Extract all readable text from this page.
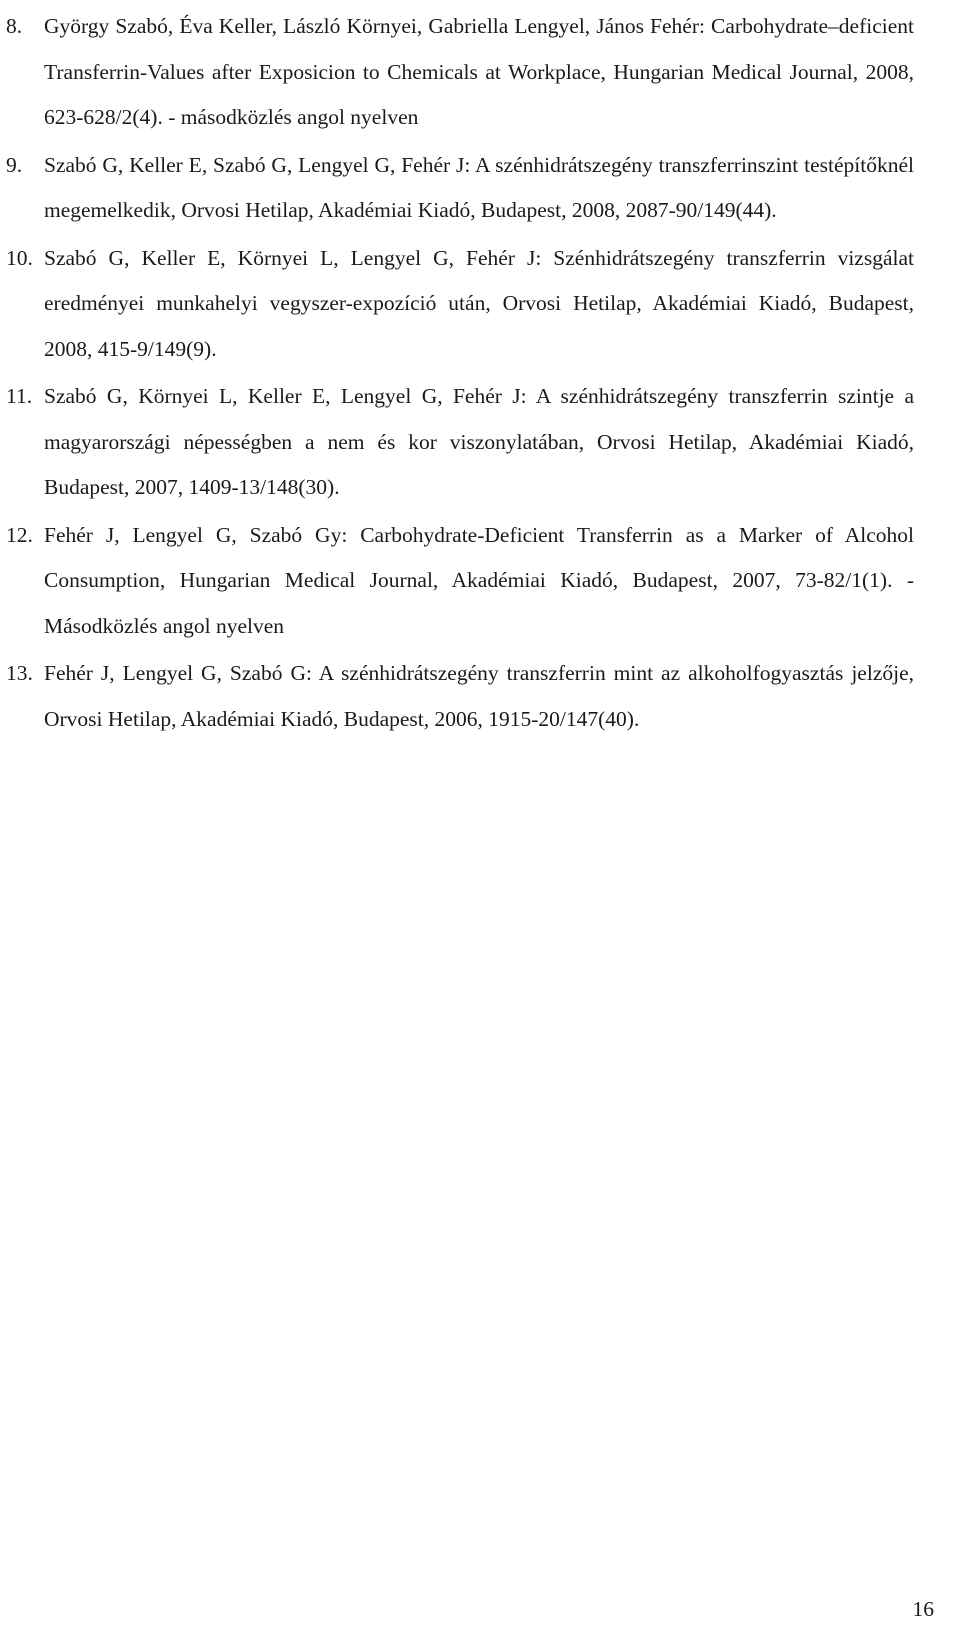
8. György Szabó, Éva Keller, László Környei, Gabriella Lengyel, János Fehér: Carbohydrate–deficient Transferrin-Values after Exposicion to Chemicals at Workplace, Hungarian Medical Journal, 2008, 623-628/2(4). - másodközlés angol nyelven
9. Szabó G, Keller E, Szabó G, Lengyel G, Fehér J: A szénhidrátszegény transzferrinszint testépítőknél megemelkedik, Orvosi Hetilap, Akadémiai Kiadó, Budapest, 2008, 2087-90/149(44).
10. Szabó G, Keller E, Környei L, Lengyel G, Fehér J: Szénhidrátszegény transzferrin vizsgálat eredményei munkahelyi vegyszer-expozíció után, Orvosi Hetilap, Akadémiai Kiadó, Budapest, 2008, 415-9/149(9).
11. Szabó G, Környei L, Keller E, Lengyel G, Fehér J: A szénhidrátszegény transzferrin szintje a magyarországi népességben a nem és kor viszonylatában, Orvosi Hetilap, Akadémiai Kiadó, Budapest, 2007, 1409-13/148(30).
12. Fehér J, Lengyel G, Szabó Gy: Carbohydrate-Deficient Transferrin as a Marker of Alcohol Consumption, Hungarian Medical Journal, Akadémiai Kiadó, Budapest, 2007, 73-82/1(1). - Másodközlés angol nyelven
13. Fehér J, Lengyel G, Szabó G: A szénhidrátszegény transzferrin mint az alkoholfogyasztás jelzője, Orvosi Hetilap, Akadémiai Kiadó, Budapest, 2006, 1915-20/147(40).
16
